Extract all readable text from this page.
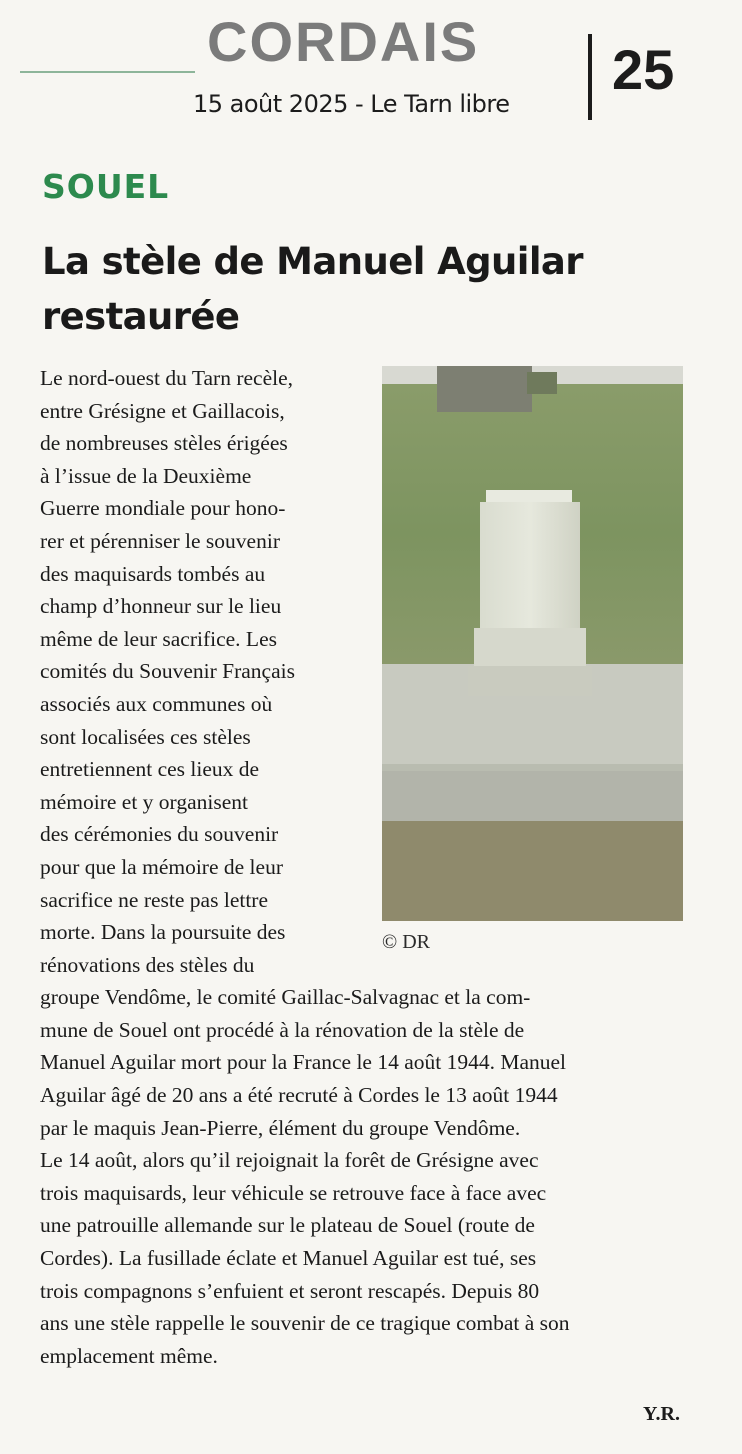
CORDAIS
15 août 2025 - Le Tarn libre
25
SOUEL
La stèle de Manuel Aguilar
restaurée
© DR
Le nord-ouest du Tarn recèle,
entre Grésigne et Gaillacois,
de nombreuses stèles érigées
à l’issue de la Deuxième
Guerre mondiale pour hono-
rer et pérenniser le souvenir
des maquisards tombés au
champ d’honneur sur le lieu
même de leur sacrifice. Les
comités du Souvenir Français
associés aux communes où
sont localisées ces stèles
entretiennent ces lieux de
mémoire et y organisent
des cérémonies du souvenir
pour que la mémoire de leur
sacrifice ne reste pas lettre
morte. Dans la poursuite des
rénovations des stèles du
groupe Vendôme, le comité Gaillac-Salvagnac et la com-
mune de Souel ont procédé à la rénovation de la stèle de
Manuel Aguilar mort pour la France le 14 août 1944. Manuel
Aguilar âgé de 20 ans a été recruté à Cordes le 13 août 1944
par le maquis Jean-Pierre, élément du groupe Vendôme.
Le 14 août, alors qu’il rejoignait la forêt de Grésigne avec
trois maquisards, leur véhicule se retrouve face à face avec
une patrouille allemande sur le plateau de Souel (route de
Cordes). La fusillade éclate et Manuel Aguilar est tué, ses
trois compagnons s’enfuient et seront rescapés. Depuis 80
ans une stèle rappelle le souvenir de ce tragique combat à son
emplacement même.
Y.R.
